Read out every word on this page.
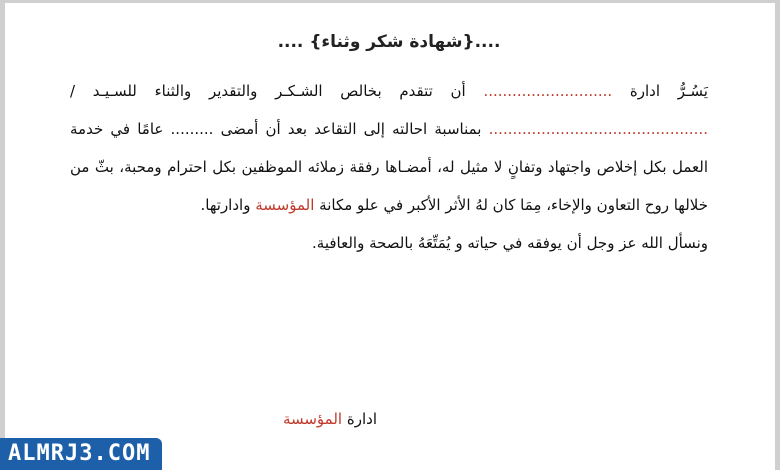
....{شهادة شكر وثناء} ....

يَسُـرُّ ادارة ........................... أن تتقدم بخالص الشـكـر والتقدير والثناء للسـيـد / .............................................. بمناسبة احالته إلى التقاعد بعد أن أمضى ......... عامًا في خدمة العمل بكل إخلاص واجتهاد وتفانٍ لا مثيل له، أمضـاها رفقة زملائه الموظفين بكل احترام ومحبة، بثّ من خلالها روح التعاون والإخاء، مِمَا كان لهُ الأثر الأكبر في علو مكانة المؤسسة وادارتها.

ونسأل الله عز وجل أن يوفقه في حياته و يُمَتِّعَهُ بالصحة والعافية.

ادارة المؤسسة
ALMRJ3.COM
